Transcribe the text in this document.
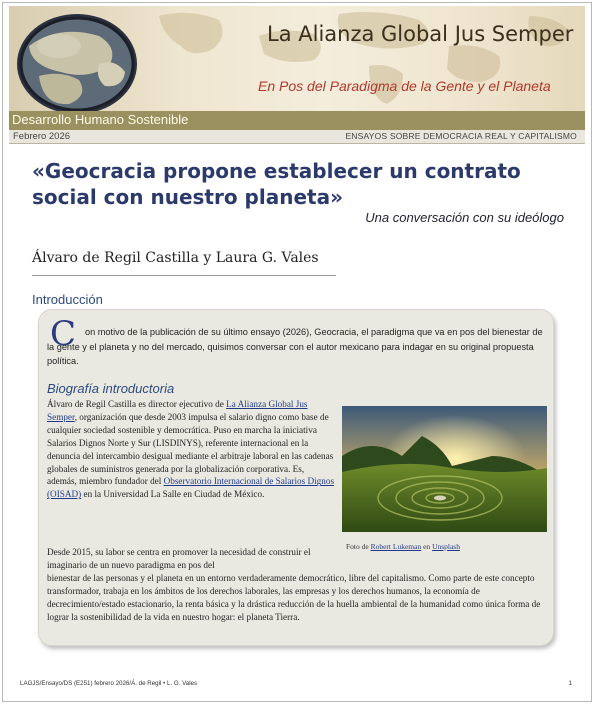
La Alianza Global Jus Semper
En Pos del Paradigma de la Gente y el Planeta
Desarrollo Humano Sostenible
Febrero 2026	ENSAYOS SOBRE DEMOCRACIA REAL Y CAPITALISMO
«Geocracia propone establecer un contrato social con nuestro planeta»
Una conversación con su ideólogo
Álvaro de Regil Castilla y Laura G. Vales
Introducción
C on motivo de la publicación de su último ensayo (2026), Geocracia, el paradigma que va en pos del bienestar de la gente y el planeta y no del mercado, quisimos conversar con el autor mexicano para indagar en su original propuesta política.

Biografía introductoria

Álvaro de Regil Castilla es director ejecutivo de La Alianza Global Jus Semper, organización que desde 2003 impulsa el salario digno como base de cualquier sociedad sostenible y democrática. Puso en marcha la iniciativa Salarios Dignos Norte y Sur (LISDINYS), referente internacional en la denuncia del intercambio desigual mediante el arbitraje laboral en las cadenas globales de suministros generada por la globalización corporativa. Es, además, miembro fundador del Observatorio Internacional de Salarios Dignos (OISAD) en la Universidad La Salle en Ciudad de México.

Foto de Robert Lukeman en Unsplash

Desde 2015, su labor se centra en promover la necesidad de construir el imaginario de un nuevo paradigma en pos del
bienestar de las personas y el planeta en un entorno verdaderamente democrático, libre del capitalismo. Como parte de este concepto transformador, trabaja en los ámbitos de los derechos laborales, las empresas y los derechos humanos, la economía de decrecimiento/estado estacionario, la renta básica y la drástica reducción de la huella ambiental de la humanidad como única forma de lograr la sostenibilidad de la vida en nuestro hogar: el planeta Tierra.

LAGJS/Ensayo/DS (E251) febrero 2026/Á. de Regil • L. G. Vales	1
